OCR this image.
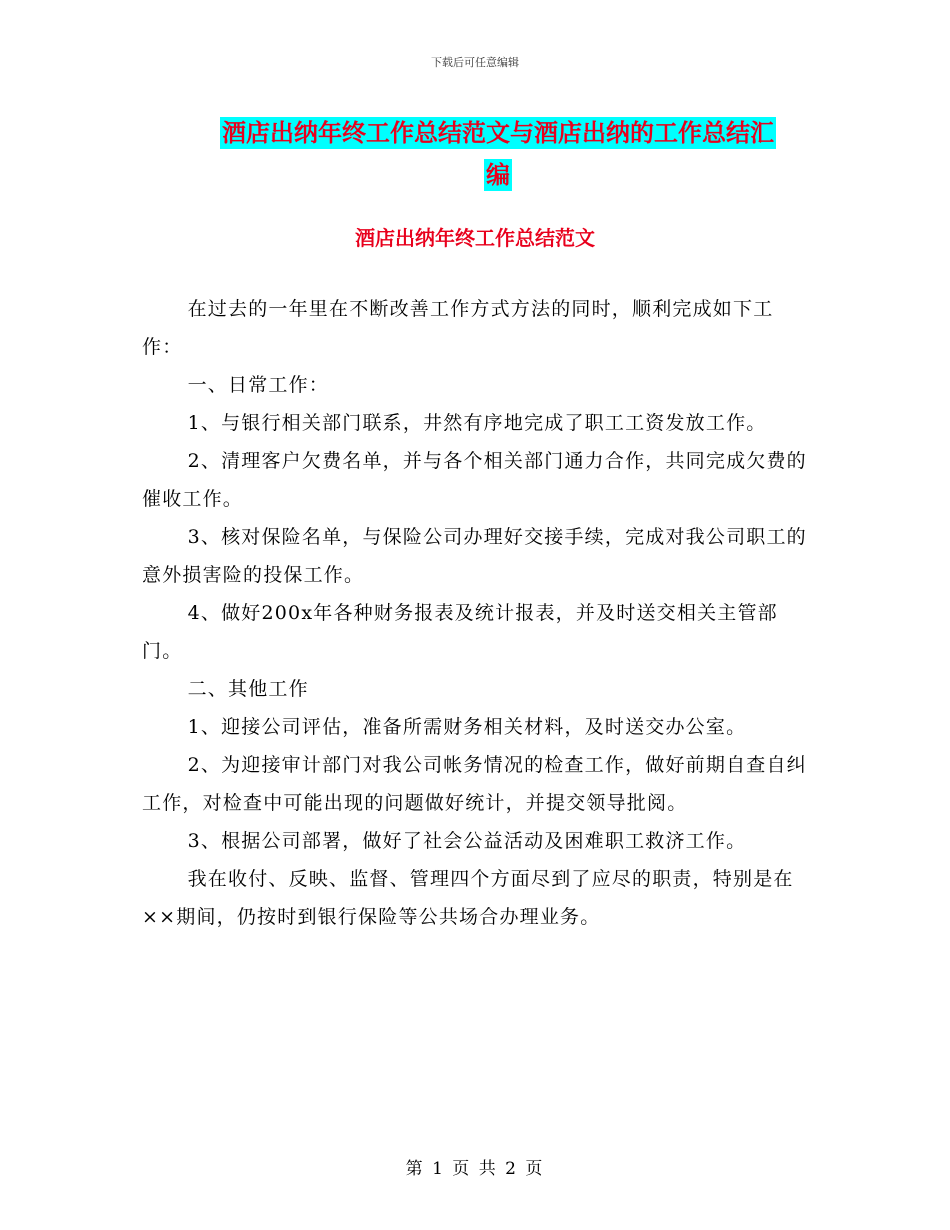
下载后可任意编辑
酒店出纳年终工作总结范文与酒店出纳的工作总结汇
编
酒店出纳年终工作总结范文

在过去的一年里在不断改善工作方式方法的同时，顺利完成如下工作：

一、日常工作：

1、与银行相关部门联系，井然有序地完成了职工工资发放工作。

2、清理客户欠费名单，并与各个相关部门通力合作，共同完成欠费的催收工作。

3、核对保险名单，与保险公司办理好交接手续，完成对我公司职工的意外损害险的投保工作。

4、做好200x年各种财务报表及统计报表，并及时送交相关主管部门。

二、其他工作

1、迎接公司评估，准备所需财务相关材料，及时送交办公室。

2、为迎接审计部门对我公司帐务情况的检查工作，做好前期自查自纠工作，对检查中可能出现的问题做好统计，并提交领导批阅。

3、根据公司部署，做好了社会公益活动及困难职工救济工作。

我在收付、反映、监督、管理四个方面尽到了应尽的职责，特别是在××期间，仍按时到银行保险等公共场合办理业务。

第 1 页 共 2 页
